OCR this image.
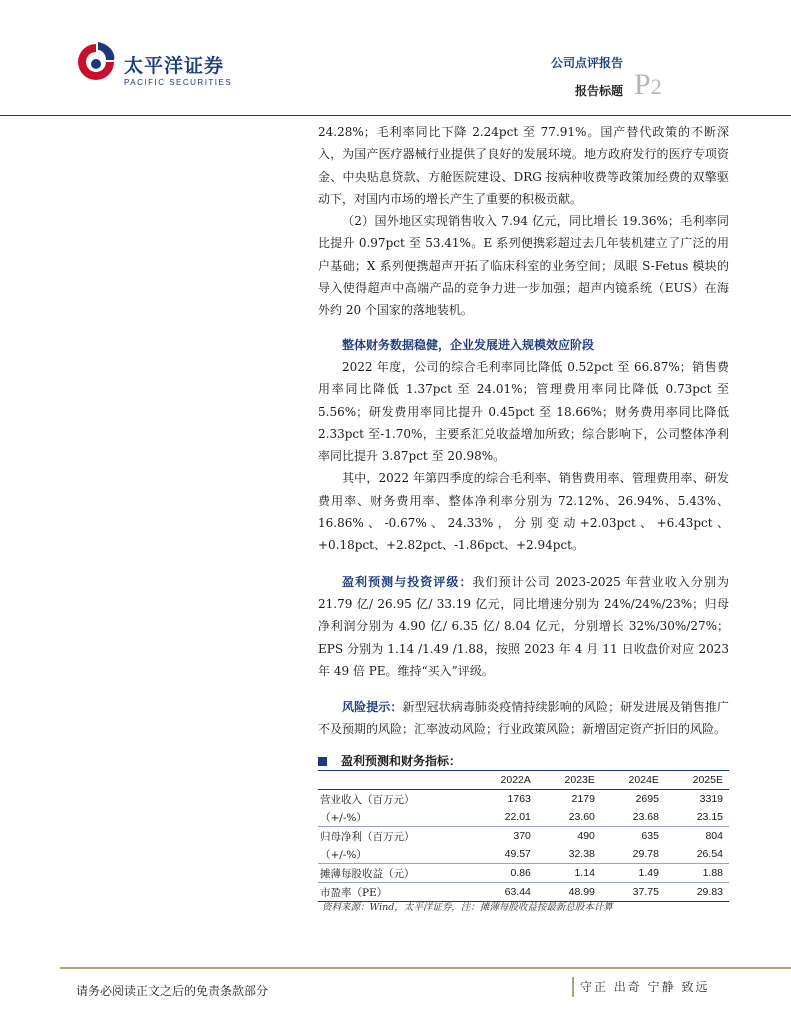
太平洋证券
PACIFIC SECURITIES
公司点评报告
报告标题 P2

24.28%；毛利率同比下降 2.24pct 至 77.91%。国产替代政策的不断深入，为国产医疗器械行业提供了良好的发展环境。地方政府发行的医疗专项资金、中央贴息贷款、方舱医院建设、DRG 按病种收费等政策加经费的双擎驱动下，对国内市场的增长产生了重要的积极贡献。

（2）国外地区实现销售收入 7.94 亿元，同比增长 19.36%；毛利率同比提升 0.97pct 至 53.41%。E 系列便携彩超过去几年装机建立了广泛的用户基础；X 系列便携超声开拓了临床科室的业务空间；凤眼 S-Fetus 模块的导入使得超声中高端产品的竞争力进一步加强；超声内镜系统（EUS）在海外约 20 个国家的落地装机。

整体财务数据稳健，企业发展进入规模效应阶段

2022 年度，公司的综合毛利率同比降低 0.52pct 至 66.87%；销售费用率同比降低 1.37pct 至 24.01%；管理费用率同比降低 0.73pct 至 5.56%；研发费用率同比提升 0.45pct 至 18.66%；财务费用率同比降低 2.33pct 至-1.70%，主要系汇兑收益增加所致；综合影响下，公司整体净利率同比提升 3.87pct 至 20.98%。

其中，2022 年第四季度的综合毛利率、销售费用率、管理费用率、研发费用率、财务费用率、整体净利率分别为 72.12%、26.94%、5.43%、16.86%、-0.67%、24.33%，分别变动+2.03pct、+6.43pct、+0.18pct、+2.82pct、-1.86pct、+2.94pct。

盈利预测与投资评级：我们预计公司 2023-2025 年营业收入分别为 21.79 亿/ 26.95 亿/ 33.19 亿元，同比增速分别为 24%/24%/23%；归母净利润分别为 4.90 亿/ 6.35 亿/ 8.04 亿元，分别增长 32%/30%/27%；EPS 分别为 1.14 /1.49 /1.88，按照 2023 年 4 月 11 日收盘价对应 2023 年 49 倍 PE。维持“买入”评级。

风险提示：新型冠状病毒肺炎疫情持续影响的风险；研发进展及销售推广不及预期的风险；汇率波动风险；行业政策风险；新增固定资产折旧的风险。

盈利预测和财务指标：
	2022A	2023E	2024E	2025E
营业收入（百万元）	1763	2179	2695	3319
（+/-%）	22.01	23.60	23.68	23.15
归母净利（百万元）	370	490	635	804
（+/-%）	49.57	32.38	29.78	26.54
摊薄每股收益（元）	0.86	1.14	1.49	1.88
市盈率（PE）	63.44	48.99	37.75	29.83
资料来源：Wind，太平洋证券，注：摊薄每股收益按最新总股本计算
请务必阅读正文之后的免责条款部分	守正 出奇 宁静 致远
